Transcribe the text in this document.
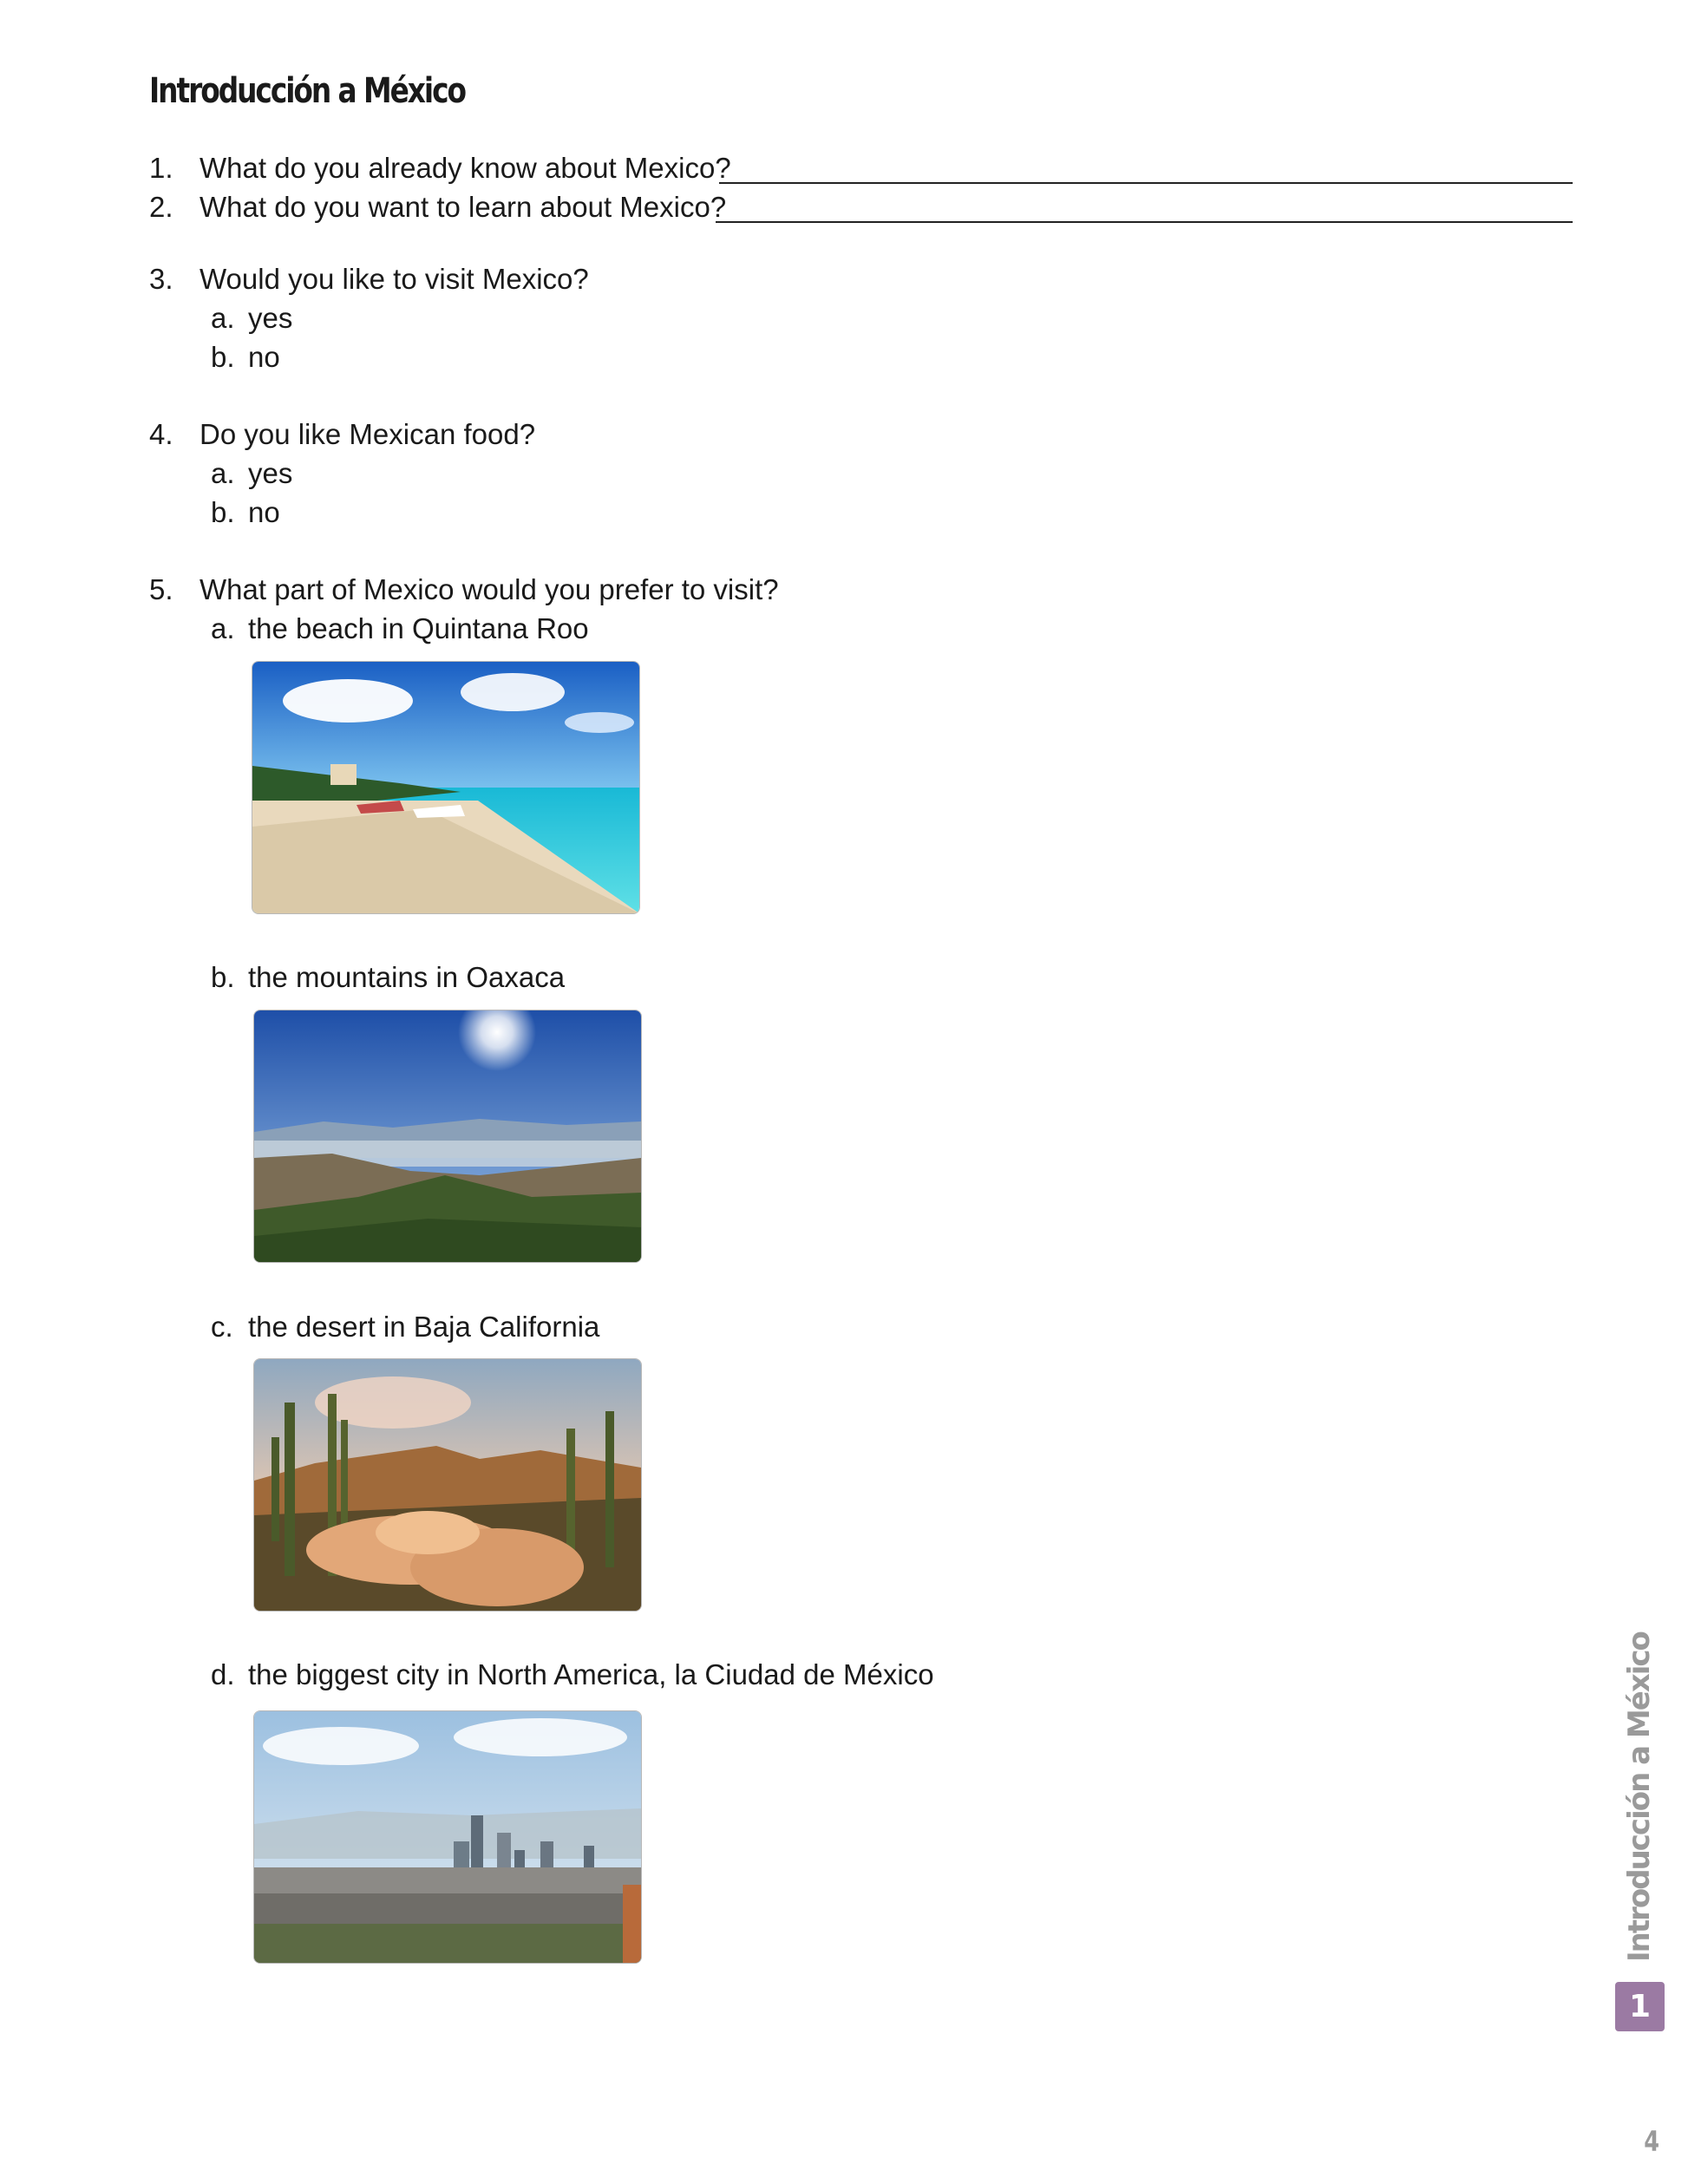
Introducción a México
1. What do you already know about Mexico?
2. What do you want to learn about Mexico?
3. Would you like to visit Mexico?
a. yes
b. no
4. Do you like Mexican food?
a. yes
b. no
5. What part of Mexico would you prefer to visit?
a. the beach in Quintana Roo
b. the mountains in Oaxaca
c. the desert in Baja California
d. the biggest city in North America, la Ciudad de México	Introducción a México
1
4
